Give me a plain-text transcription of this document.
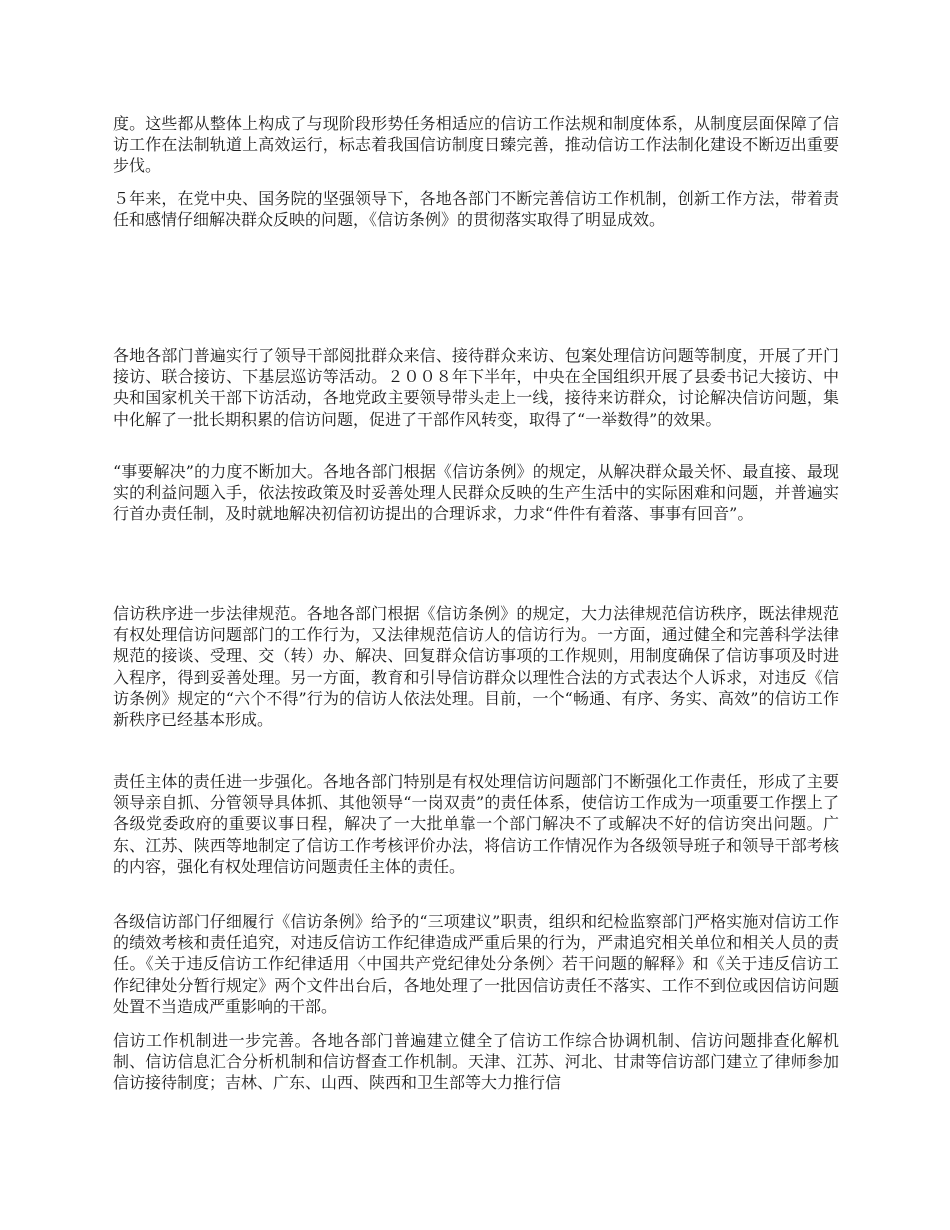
度。这些都从整体上构成了与现阶段形势任务相适应的信访工作法规和制度体系，从制度层面保障了信访工作在法制轨道上高效运行，标志着我国信访制度日臻完善，推动信访工作法制化建设不断迈出重要步伐。

５年来，在党中央、国务院的坚强领导下，各地各部门不断完善信访工作机制，创新工作方法，带着责任和感情仔细解决群众反映的问题，《信访条例》的贯彻落实取得了明显成效。

各地各部门普遍实行了领导干部阅批群众来信、接待群众来访、包案处理信访问题等制度，开展了开门接访、联合接访、下基层巡访等活动。２００８年下半年，中央在全国组织开展了县委书记大接访、中央和国家机关干部下访活动，各地党政主要领导带头走上一线，接待来访群众，讨论解决信访问题，集中化解了一批长期积累的信访问题，促进了干部作风转变，取得了“一举数得”的效果。

“事要解决”的力度不断加大。各地各部门根据《信访条例》的规定，从解决群众最关怀、最直接、最现实的利益问题入手，依法按政策及时妥善处理人民群众反映的生产生活中的实际困难和问题，并普遍实行首办责任制，及时就地解决初信初访提出的合理诉求，力求“件件有着落、事事有回音”。

信访秩序进一步法律规范。各地各部门根据《信访条例》的规定，大力法律规范信访秩序，既法律规范有权处理信访问题部门的工作行为，又法律规范信访人的信访行为。一方面，通过健全和完善科学法律规范的接谈、受理、交（转）办、解决、回复群众信访事项的工作规则，用制度确保了信访事项及时进入程序，得到妥善处理。另一方面，教育和引导信访群众以理性合法的方式表达个人诉求，对违反《信访条例》规定的“六个不得”行为的信访人依法处理。目前，一个“畅通、有序、务实、高效”的信访工作新秩序已经基本形成。

责任主体的责任进一步强化。各地各部门特别是有权处理信访问题部门不断强化工作责任，形成了主要领导亲自抓、分管领导具体抓、其他领导“一岗双责”的责任体系，使信访工作成为一项重要工作摆上了各级党委政府的重要议事日程，解决了一大批单靠一个部门解决不了或解决不好的信访突出问题。广东、江苏、陕西等地制定了信访工作考核评价办法，将信访工作情况作为各级领导班子和领导干部考核的内容，强化有权处理信访问题责任主体的责任。

各级信访部门仔细履行《信访条例》给予的“三项建议”职责，组织和纪检监察部门严格实施对信访工作的绩效考核和责任追究，对违反信访工作纪律造成严重后果的行为，严肃追究相关单位和相关人员的责任。《关于违反信访工作纪律适用〈中国共产党纪律处分条例〉若干问题的解释》和《关于违反信访工作纪律处分暂行规定》两个文件出台后，各地处理了一批因信访责任不落实、工作不到位或因信访问题处置不当造成严重影响的干部。

信访工作机制进一步完善。各地各部门普遍建立健全了信访工作综合协调机制、信访问题排查化解机制、信访信息汇合分析机制和信访督查工作机制。天津、江苏、河北、甘肃等信访部门建立了律师参加信访接待制度；吉林、广东、山西、陕西和卫生部等大力推行信
